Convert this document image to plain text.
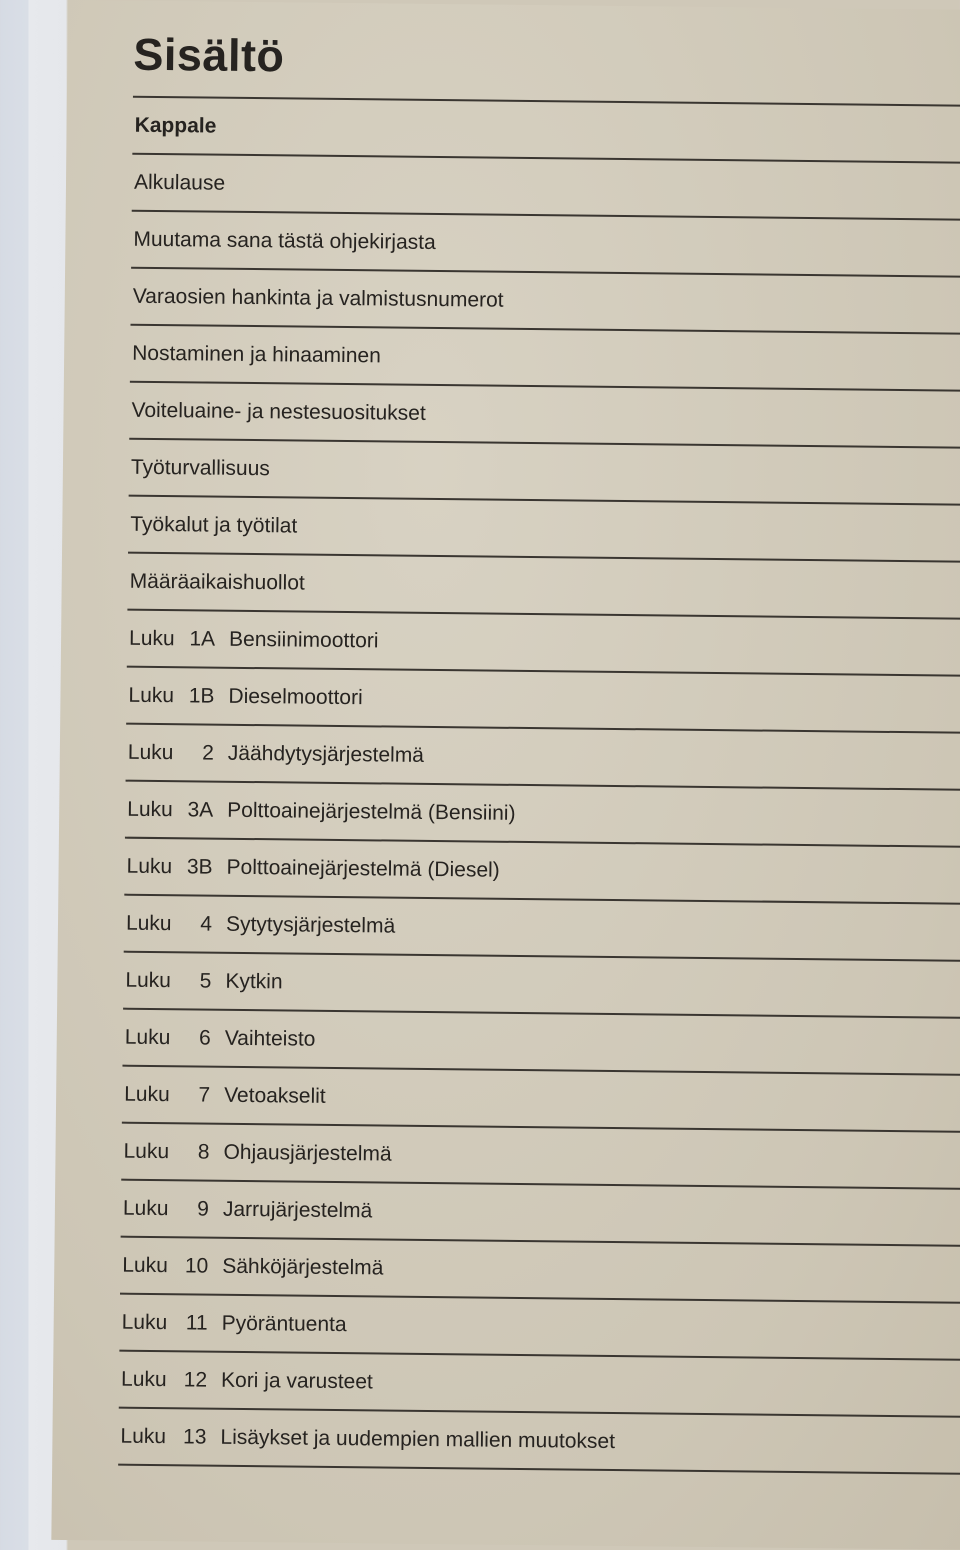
Sisältö
Kappale
Alkulause
Muutama sana tästä ohjekirjasta
Varaosien hankinta ja valmistusnumerot
Nostaminen ja hinaaminen
Voiteluaine- ja nestesuositukset
Työturvallisuus
Työkalut ja työtilat
Määräaikaishuollot
Luku 1A Bensiinimoottori
Luku 1B Dieselmoottori
Luku	2 Jäähdytysjärjestelmä
Luku 3A Polttoainejärjestelmä (Bensiini)
Luku 3B Polttoainejärjestelmä (Diesel)
Luku	4 Sytytysjärjestelmä
Luku	5 Kytkin
Luku	6 Vaihteisto
Luku	7 Vetoakselit
Luku	8 Ohjausjärjestelmä
Luku	9 Jarrujärjestelmä
Luku 10 Sähköjärjestelmä
Luku 11 Pyöräntuenta
Luku 12 Kori ja varusteet
Luku 13 Lisäykset ja uudempien mallien muutokset
